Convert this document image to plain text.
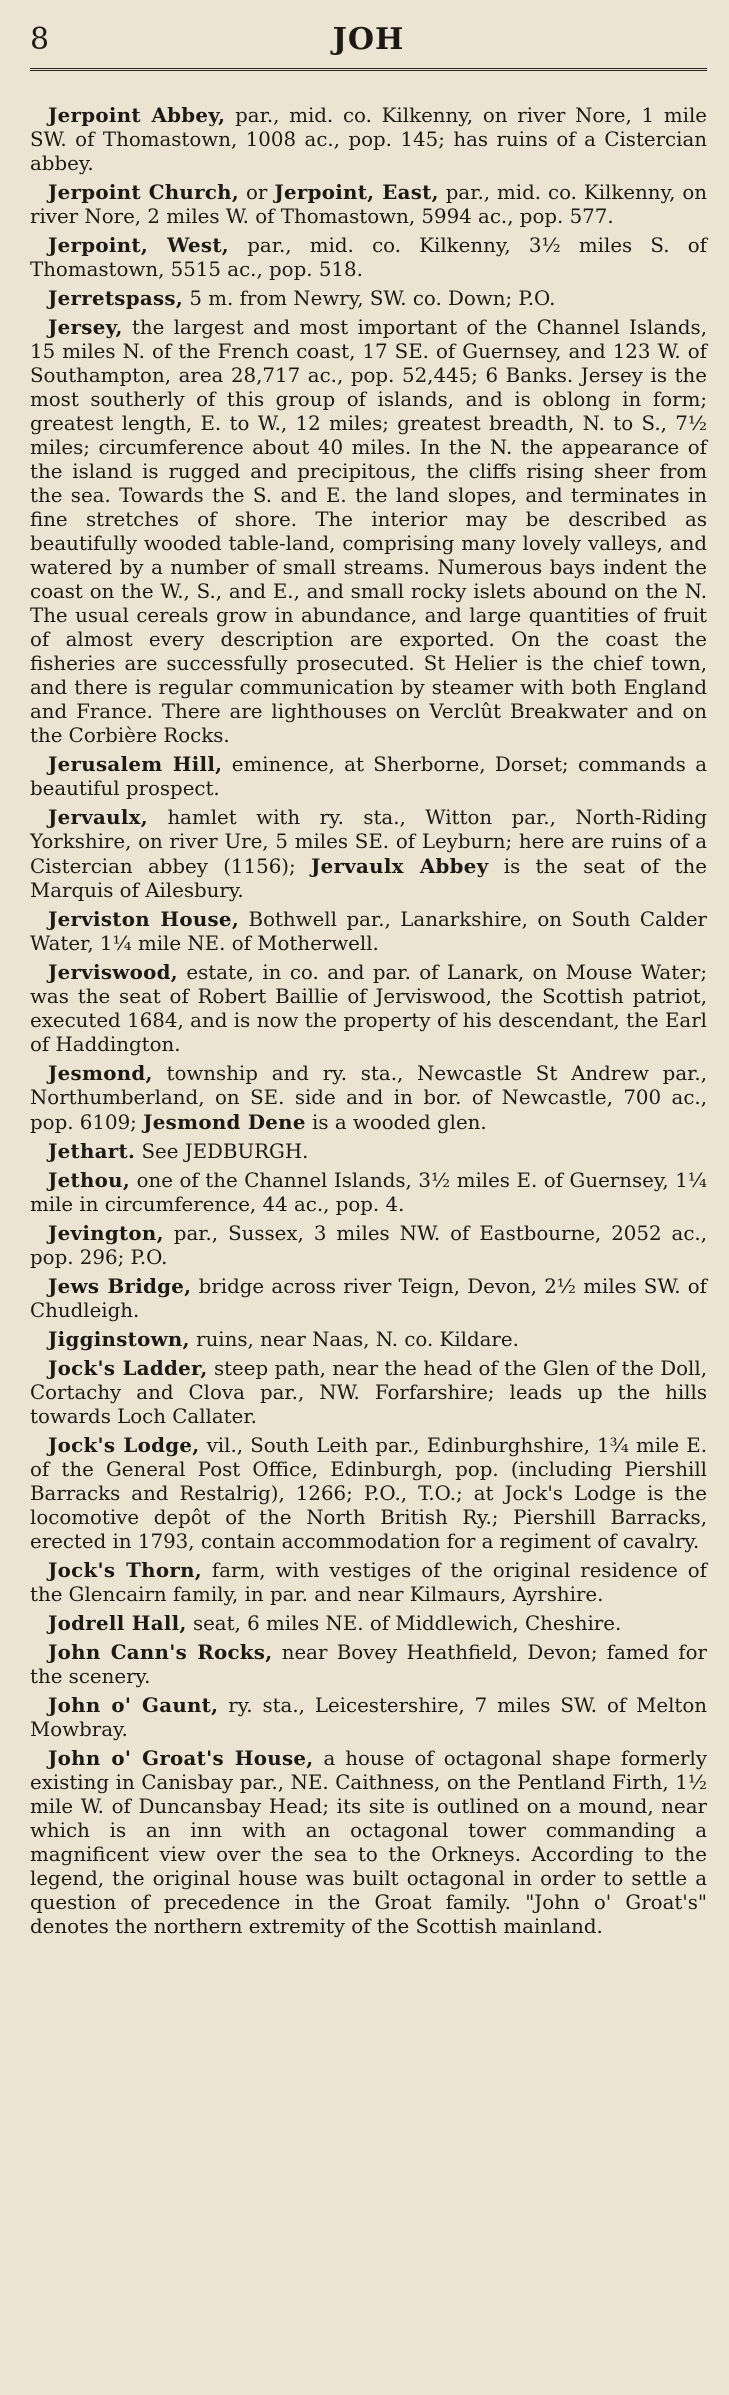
8	JOH

Jerpoint Abbey, par., mid. co. Kilkenny, on river Nore, 1 mile SW. of Thomastown, 1008 ac., pop. 145; has ruins of a Cistercian abbey.

Jerpoint Church, or Jerpoint, East, par., mid. co. Kilkenny, on river Nore, 2 miles W. of Thomastown, 5994 ac., pop. 577.

Jerpoint, West, par., mid. co. Kilkenny, 3½ miles S. of Thomastown, 5515 ac., pop. 518.

Jerretspass, 5 m. from Newry, SW. co. Down; P.O.

Jersey, the largest and most important of the Channel Islands, 15 miles N. of the French coast, 17 SE. of Guernsey, and 123 W. of Southampton, area 28,717 ac., pop. 52,445; 6 Banks. Jersey is the most southerly of this group of islands, and is oblong in form; greatest length, E. to W., 12 miles; greatest breadth, N. to S., 7½ miles; circumference about 40 miles. In the N. the appearance of the island is rugged and precipitous, the cliffs rising sheer from the sea. Towards the S. and E. the land slopes, and terminates in fine stretches of shore. The interior may be described as beautifully wooded table-land, comprising many lovely valleys, and watered by a number of small streams. Numerous bays indent the coast on the W., S., and E., and small rocky islets abound on the N. The usual cereals grow in abundance, and large quantities of fruit of almost every description are exported. On the coast the fisheries are successfully prosecuted. St Helier is the chief town, and there is regular communication by steamer with both England and France. There are lighthouses on Verclût Breakwater and on the Corbière Rocks.

Jerusalem Hill, eminence, at Sherborne, Dorset; commands a beautiful prospect.

Jervaulx, hamlet with ry. sta., Witton par., North-Riding Yorkshire, on river Ure, 5 miles SE. of Leyburn; here are ruins of a Cistercian abbey (1156); Jervaulx Abbey is the seat of the Marquis of Ailesbury.

Jerviston House, Bothwell par., Lanarkshire, on South Calder Water, 1¼ mile NE. of Motherwell.

Jerviswood, estate, in co. and par. of Lanark, on Mouse Water; was the seat of Robert Baillie of Jerviswood, the Scottish patriot, executed 1684, and is now the property of his descendant, the Earl of Haddington.

Jesmond, township and ry. sta., Newcastle St Andrew par., Northumberland, on SE. side and in bor. of Newcastle, 700 ac., pop. 6109; Jesmond Dene is a wooded glen.

Jethart. See JEDBURGH.

Jethou, one of the Channel Islands, 3½ miles E. of Guernsey, 1¼ mile in circumference, 44 ac., pop. 4.

Jevington, par., Sussex, 3 miles NW. of Eastbourne, 2052 ac., pop. 296; P.O.

Jews Bridge, bridge across river Teign, Devon, 2½ miles SW. of Chudleigh.

Jigginstown, ruins, near Naas, N. co. Kildare.

Jock's Ladder, steep path, near the head of the Glen of the Doll, Cortachy and Clova par., NW. Forfarshire; leads up the hills towards Loch Callater.

Jock's Lodge, vil., South Leith par., Edinburghshire, 1¾ mile E. of the General Post Office, Edinburgh, pop. (including Piershill Barracks and Restalrig), 1266; P.O., T.O.; at Jock's Lodge is the locomotive depôt of the North British Ry.; Piershill Barracks, erected in 1793, contain accommodation for a regiment of cavalry.

Jock's Thorn, farm, with vestiges of the original residence of the Glencairn family, in par. and near Kilmaurs, Ayrshire.

Jodrell Hall, seat, 6 miles NE. of Middlewich, Cheshire.

John Cann's Rocks, near Bovey Heathfield, Devon; famed for the scenery.

John o' Gaunt, ry. sta., Leicestershire, 7 miles SW. of Melton Mowbray.

John o' Groat's House, a house of octagonal shape formerly existing in Canisbay par., NE. Caithness, on the Pentland Firth, 1½ mile W. of Duncansbay Head; its site is outlined on a mound, near which is an inn with an octagonal tower commanding a magnificent view over the sea to the Orkneys. According to the legend, the original house was built octagonal in order to settle a question of precedence in the Groat family. "John o' Groat's" denotes the northern extremity of the Scottish mainland.
